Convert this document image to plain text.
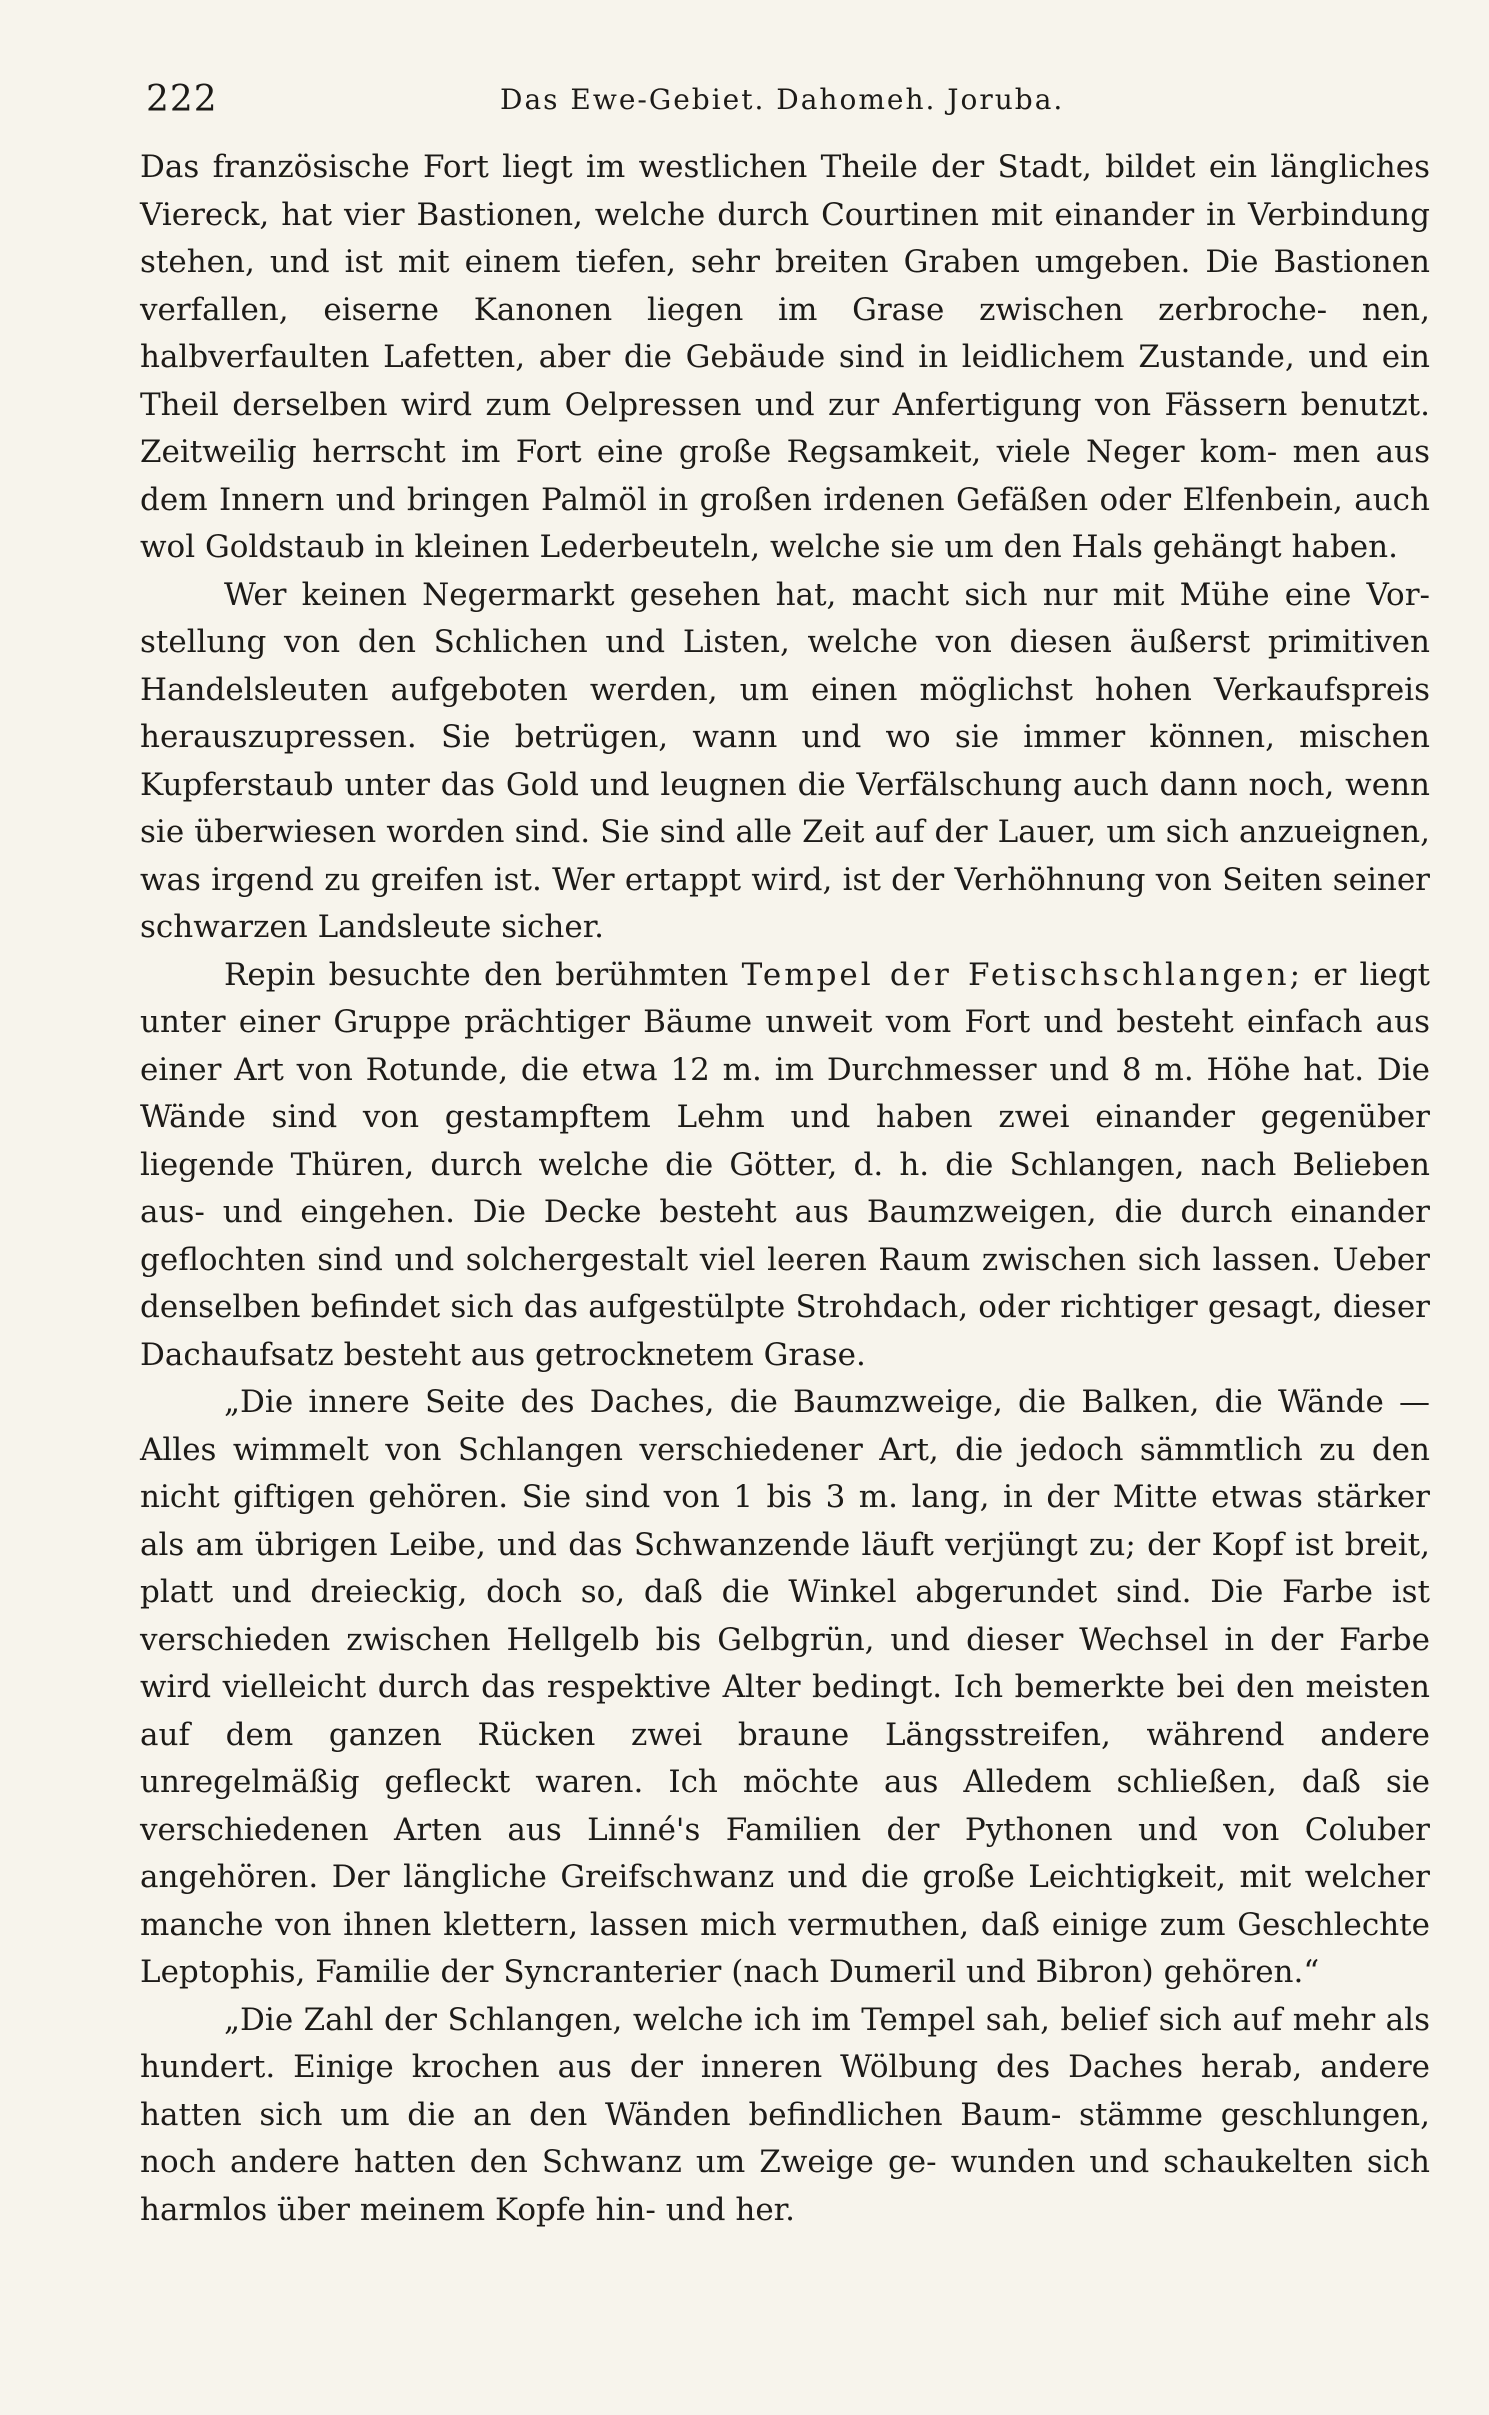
222	Das Ewe-Gebiet. Dahomeh. Joruba.

Das französische Fort liegt im westlichen Theile der Stadt, bildet ein längliches Viereck, hat vier Bastionen, welche durch Courtinen mit einander in Verbindung stehen, und ist mit einem tiefen, sehr breiten Graben umgeben. Die Bastionen verfallen, eiserne Kanonen liegen im Grase zwischen zerbroche- nen, halbverfaulten Lafetten, aber die Gebäude sind in leidlichem Zustande, und ein Theil derselben wird zum Oelpressen und zur Anfertigung von Fässern benutzt. Zeitweilig herrscht im Fort eine große Regsamkeit, viele Neger kom- men aus dem Innern und bringen Palmöl in großen irdenen Gefäßen oder Elfenbein, auch wol Goldstaub in kleinen Lederbeuteln, welche sie um den Hals gehängt haben.

Wer keinen Negermarkt gesehen hat, macht sich nur mit Mühe eine Vor- stellung von den Schlichen und Listen, welche von diesen äußerst primitiven Handelsleuten aufgeboten werden, um einen möglichst hohen Verkaufspreis herauszupressen. Sie betrügen, wann und wo sie immer können, mischen Kupferstaub unter das Gold und leugnen die Verfälschung auch dann noch, wenn sie überwiesen worden sind. Sie sind alle Zeit auf der Lauer, um sich anzueignen, was irgend zu greifen ist. Wer ertappt wird, ist der Verhöhnung von Seiten seiner schwarzen Landsleute sicher.

Repin besuchte den berühmten Tempel der Fetischschlangen; er liegt unter einer Gruppe prächtiger Bäume unweit vom Fort und besteht einfach aus einer Art von Rotunde, die etwa 12 m. im Durchmesser und 8 m. Höhe hat. Die Wände sind von gestampftem Lehm und haben zwei einander gegenüber liegende Thüren, durch welche die Götter, d. h. die Schlangen, nach Belieben aus- und eingehen. Die Decke besteht aus Baumzweigen, die durch einander geflochten sind und solchergestalt viel leeren Raum zwischen sich lassen. Ueber denselben befindet sich das aufgestülpte Strohdach, oder richtiger gesagt, dieser Dachaufsatz besteht aus getrocknetem Grase.

„Die innere Seite des Daches, die Baumzweige, die Balken, die Wände — Alles wimmelt von Schlangen verschiedener Art, die jedoch sämmtlich zu den nicht giftigen gehören. Sie sind von 1 bis 3 m. lang, in der Mitte etwas stärker als am übrigen Leibe, und das Schwanzende läuft verjüngt zu; der Kopf ist breit, platt und dreieckig, doch so, daß die Winkel abgerundet sind. Die Farbe ist verschieden zwischen Hellgelb bis Gelbgrün, und dieser Wechsel in der Farbe wird vielleicht durch das respektive Alter bedingt. Ich bemerkte bei den meisten auf dem ganzen Rücken zwei braune Längsstreifen, während andere unregelmäßig gefleckt waren. Ich möchte aus Alledem schließen, daß sie verschiedenen Arten aus Linné's Familien der Pythonen und von Coluber angehören. Der längliche Greifschwanz und die große Leichtigkeit, mit welcher manche von ihnen klettern, lassen mich vermuthen, daß einige zum Geschlechte Leptophis, Familie der Syncranterier (nach Dumeril und Bibron) gehören.“

„Die Zahl der Schlangen, welche ich im Tempel sah, belief sich auf mehr als hundert. Einige krochen aus der inneren Wölbung des Daches herab, andere hatten sich um die an den Wänden befindlichen Baum- stämme geschlungen, noch andere hatten den Schwanz um Zweige ge- wunden und schaukelten sich harmlos über meinem Kopfe hin- und her.
